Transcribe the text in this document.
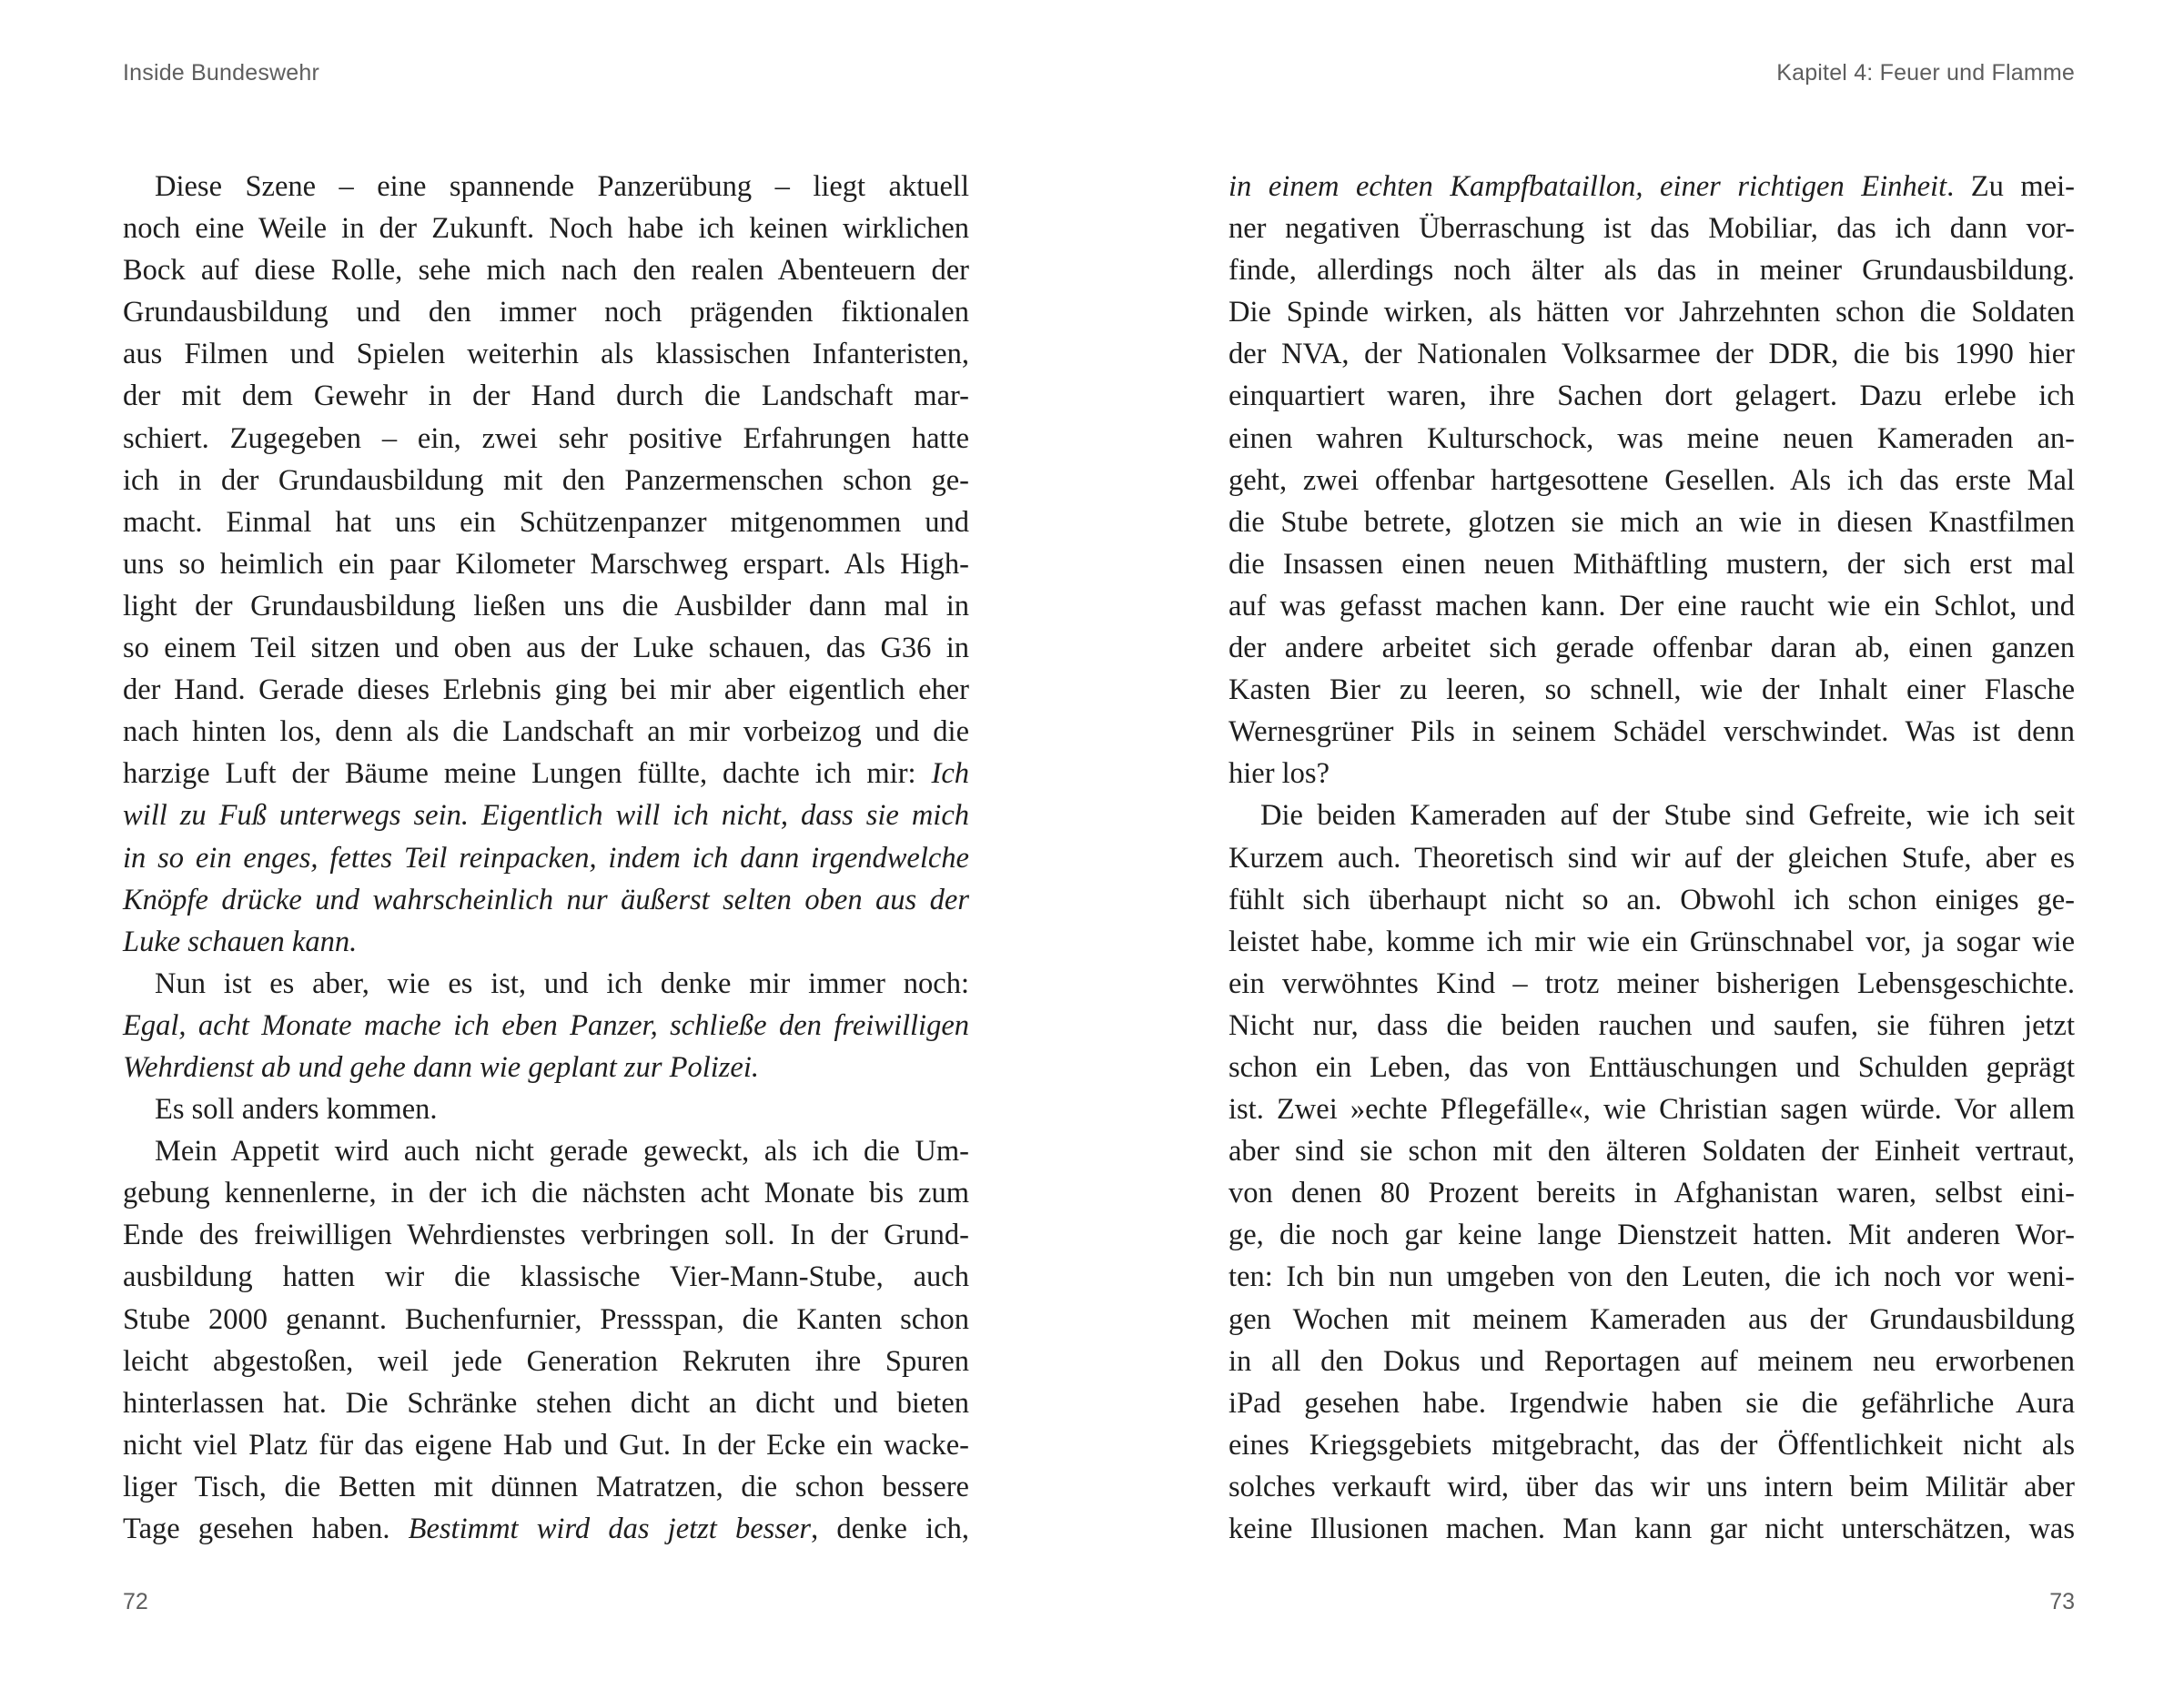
Inside Bundeswehr
Diese Szene – eine spannende Panzerübung – liegt aktuell
noch eine Weile in der Zukunft. Noch habe ich keinen wirklichen
Bock auf diese Rolle, sehe mich nach den realen Abenteuern der
Grundausbildung und den immer noch prägenden fiktionalen
aus Filmen und Spielen weiterhin als klassischen Infanteristen,
der mit dem Gewehr in der Hand durch die Landschaft mar-
schiert. Zugegeben – ein, zwei sehr positive Erfahrungen hatte
ich in der Grundausbildung mit den Panzermenschen schon ge-
macht. Einmal hat uns ein Schützenpanzer mitgenommen und
uns so heimlich ein paar Kilometer Marschweg erspart. Als High-
light der Grundausbildung ließen uns die Ausbilder dann mal in
so einem Teil sitzen und oben aus der Luke schauen, das G36 in
der Hand. Gerade dieses Erlebnis ging bei mir aber eigentlich eher
nach hinten los, denn als die Landschaft an mir vorbeizog und die
harzige Luft der Bäume meine Lungen füllte, dachte ich mir: Ich
will zu Fuß unterwegs sein. Eigentlich will ich nicht, dass sie mich
in so ein enges, fettes Teil reinpacken, indem ich dann irgendwelche
Knöpfe drücke und wahrscheinlich nur äußerst selten oben aus der
Luke schauen kann.
Nun ist es aber, wie es ist, und ich denke mir immer noch:
Egal, acht Monate mache ich eben Panzer, schließe den freiwilligen
Wehrdienst ab und gehe dann wie geplant zur Polizei.
Es soll anders kommen.
Mein Appetit wird auch nicht gerade geweckt, als ich die Um-
gebung kennenlerne, in der ich die nächsten acht Monate bis zum
Ende des freiwilligen Wehrdienstes verbringen soll. In der Grund-
ausbildung hatten wir die klassische Vier-Mann-Stube, auch
Stube 2000 genannt. Buchenfurnier, Pressspan, die Kanten schon
leicht abgestoßen, weil jede Generation Rekruten ihre Spuren
hinterlassen hat. Die Schränke stehen dicht an dicht und bieten
nicht viel Platz für das eigene Hab und Gut. In der Ecke ein wacke-
liger Tisch, die Betten mit dünnen Matratzen, die schon bessere
Tage gesehen haben. Bestimmt wird das jetzt besser, denke ich,
72
Kapitel 4: Feuer und Flamme
in einem echten Kampfbataillon, einer richtigen Einheit. Zu mei-
ner negativen Überraschung ist das Mobiliar, das ich dann vor-
finde, allerdings noch älter als das in meiner Grundausbildung.
Die Spinde wirken, als hätten vor Jahrzehnten schon die Soldaten
der NVA, der Nationalen Volksarmee der DDR, die bis 1990 hier
einquartiert waren, ihre Sachen dort gelagert. Dazu erlebe ich
einen wahren Kulturschock, was meine neuen Kameraden an-
geht, zwei offenbar hartgesottene Gesellen. Als ich das erste Mal
die Stube betrete, glotzen sie mich an wie in diesen Knastfilmen
die Insassen einen neuen Mithäftling mustern, der sich erst mal
auf was gefasst machen kann. Der eine raucht wie ein Schlot, und
der andere arbeitet sich gerade offenbar daran ab, einen ganzen
Kasten Bier zu leeren, so schnell, wie der Inhalt einer Flasche
Wernesgrüner Pils in seinem Schädel verschwindet. Was ist denn
hier los?
Die beiden Kameraden auf der Stube sind Gefreite, wie ich seit
Kurzem auch. Theoretisch sind wir auf der gleichen Stufe, aber es
fühlt sich überhaupt nicht so an. Obwohl ich schon einiges ge-
leistet habe, komme ich mir wie ein Grünschnabel vor, ja sogar wie
ein verwöhntes Kind – trotz meiner bisherigen Lebensgeschichte.
Nicht nur, dass die beiden rauchen und saufen, sie führen jetzt
schon ein Leben, das von Enttäuschungen und Schulden geprägt
ist. Zwei »echte Pflegefälle«, wie Christian sagen würde. Vor allem
aber sind sie schon mit den älteren Soldaten der Einheit vertraut,
von denen 80 Prozent bereits in Afghanistan waren, selbst eini-
ge, die noch gar keine lange Dienstzeit hatten. Mit anderen Wor-
ten: Ich bin nun umgeben von den Leuten, die ich noch vor weni-
gen Wochen mit meinem Kameraden aus der Grundausbildung
in all den Dokus und Reportagen auf meinem neu erworbenen
iPad gesehen habe. Irgendwie haben sie die gefährliche Aura
eines Kriegsgebiets mitgebracht, das der Öffentlichkeit nicht als
solches verkauft wird, über das wir uns intern beim Militär aber
keine Illusionen machen. Man kann gar nicht unterschätzen, was
73
